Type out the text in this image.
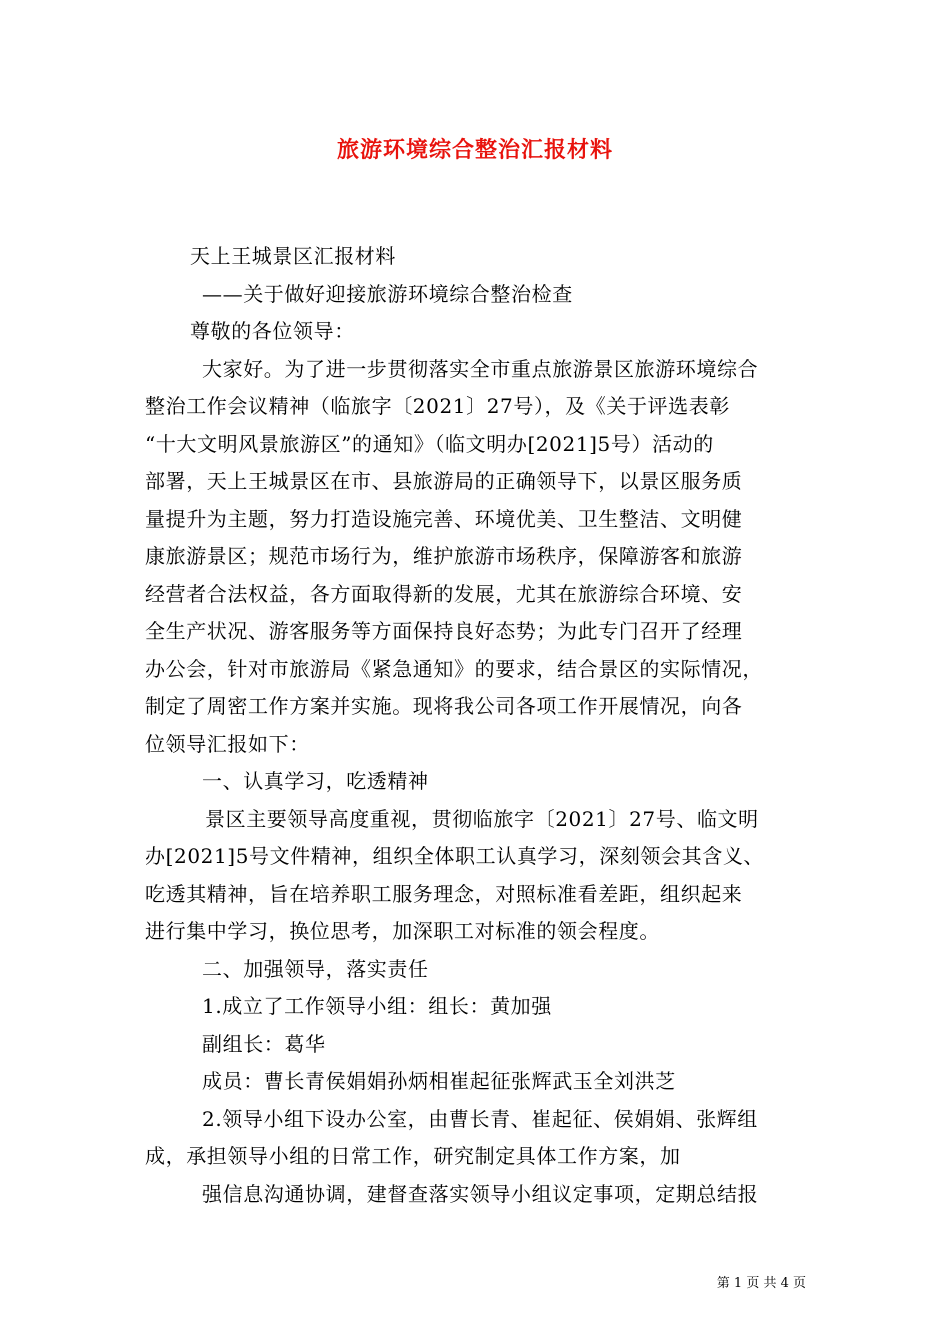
旅游环境综合整治汇报材料

天上王城景区汇报材料

——关于做好迎接旅游环境综合整治检查

尊敬的各位领导：

大家好。为了进一步贯彻落实全市重点旅游景区旅游环境综合

整治工作会议精神（临旅字〔2021〕27号），及《关于评选表彰

“十大文明风景旅游区”的通知》（临文明办[2021]5号）活动的

部署，天上王城景区在市、县旅游局的正确领导下，以景区服务质

量提升为主题，努力打造设施完善、环境优美、卫生整洁、文明健

康旅游景区；规范市场行为，维护旅游市场秩序，保障游客和旅游

经营者合法权益，各方面取得新的发展，尤其在旅游综合环境、安

全生产状况、游客服务等方面保持良好态势；为此专门召开了经理

办公会，针对市旅游局《紧急通知》的要求，结合景区的实际情况，

制定了周密工作方案并实施。现将我公司各项工作开展情况，向各

位领导汇报如下：

一、认真学习，吃透精神

景区主要领导高度重视，贯彻临旅字〔2021〕27号、临文明

办[2021]5号文件精神，组织全体职工认真学习，深刻领会其含义、

吃透其精神，旨在培养职工服务理念，对照标准看差距，组织起来

进行集中学习，换位思考，加深职工对标准的领会程度。

二、加强领导，落实责任

1.成立了工作领导小组：组长：黄加强

副组长：葛华

成员：曹长青侯娟娟孙炳相崔起征张辉武玉全刘洪芝

2.领导小组下设办公室，由曹长青、崔起征、侯娟娟、张辉组

成，承担领导小组的日常工作，研究制定具体工作方案，加

强信息沟通协调，建督查落实领导小组议定事项，定期总结报

第 1 页 共 4 页
